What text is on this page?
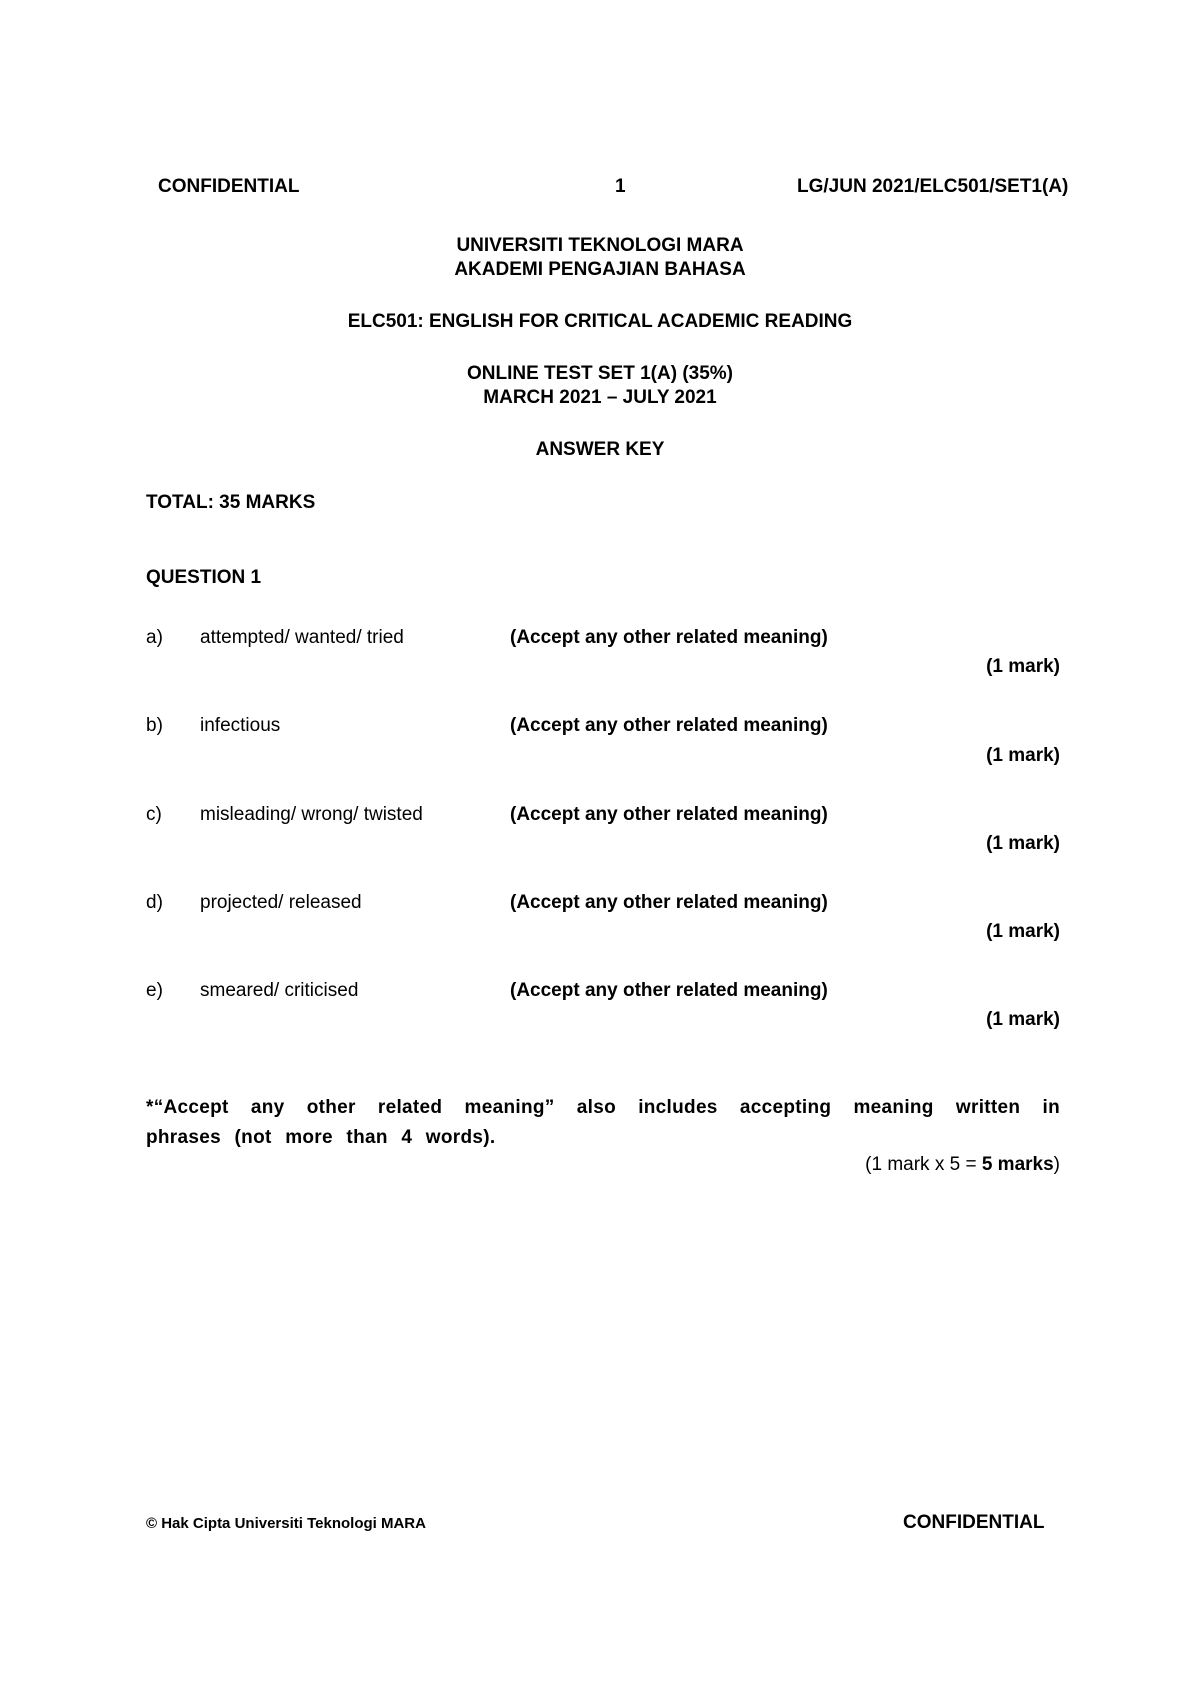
CONFIDENTIAL	1	LG/JUN 2021/ELC501/SET1(A)
UNIVERSITI TEKNOLOGI MARA
AKADEMI PENGAJIAN BAHASA
ELC501: ENGLISH FOR CRITICAL ACADEMIC READING
ONLINE TEST SET 1(A) (35%)
MARCH 2021 – JULY 2021
ANSWER KEY
TOTAL: 35 MARKS
QUESTION 1
a) attempted/ wanted/ tried	(Accept any other related meaning)
(1 mark)
b) infectious	(Accept any other related meaning)
(1 mark)
c) misleading/ wrong/ twisted	(Accept any other related meaning)
(1 mark)
d) projected/ released	(Accept any other related meaning)
(1 mark)
e) smeared/ criticised	(Accept any other related meaning)
(1 mark)
*“Accept any other related meaning” also includes accepting meaning written in phrases (not more than 4 words).
(1 mark x 5 = 5 marks)
© Hak Cipta Universiti Teknologi MARA	CONFIDENTIAL
